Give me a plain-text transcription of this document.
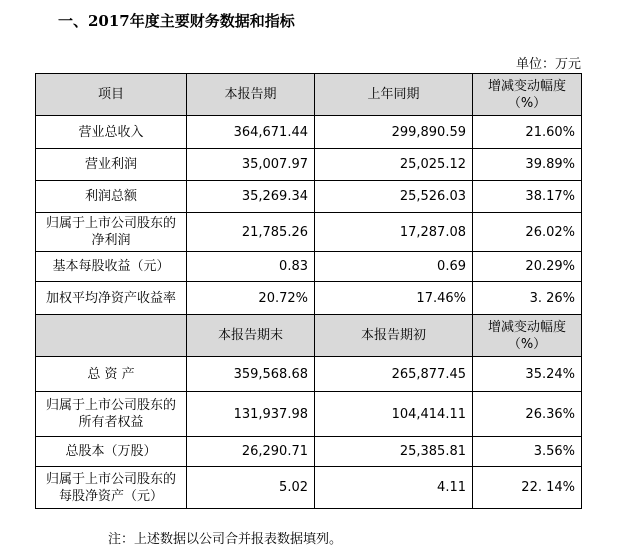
一、2017年度主要财务数据和指标
单位：万元
项目	本报告期	上年同期	增减变动幅度
（%）
营业总收入	364,671.44	299,890.59	21.60%
营业利润	35,007.97	25,025.12	39.89%
利润总额	35,269.34	25,526.03	38.17%
归属于上市公司股东的
净利润	21,785.26	17,287.08	26.02%
基本每股收益（元）	0.83	0.69	20.29%
加权平均净资产收益率	20.72%	17.46%	3. 26%
	本报告期末	本报告期初	增减变动幅度
（%）
总 资 产	359,568.68	265,877.45	35.24%
归属于上市公司股东的
所有者权益	131,937.98	104,414.11	26.36%
总股本（万股）	26,290.71	25,385.81	3.56%
归属于上市公司股东的
每股净资产（元）	5.02	4.11	22. 14%
注：上述数据以公司合并报表数据填列。
